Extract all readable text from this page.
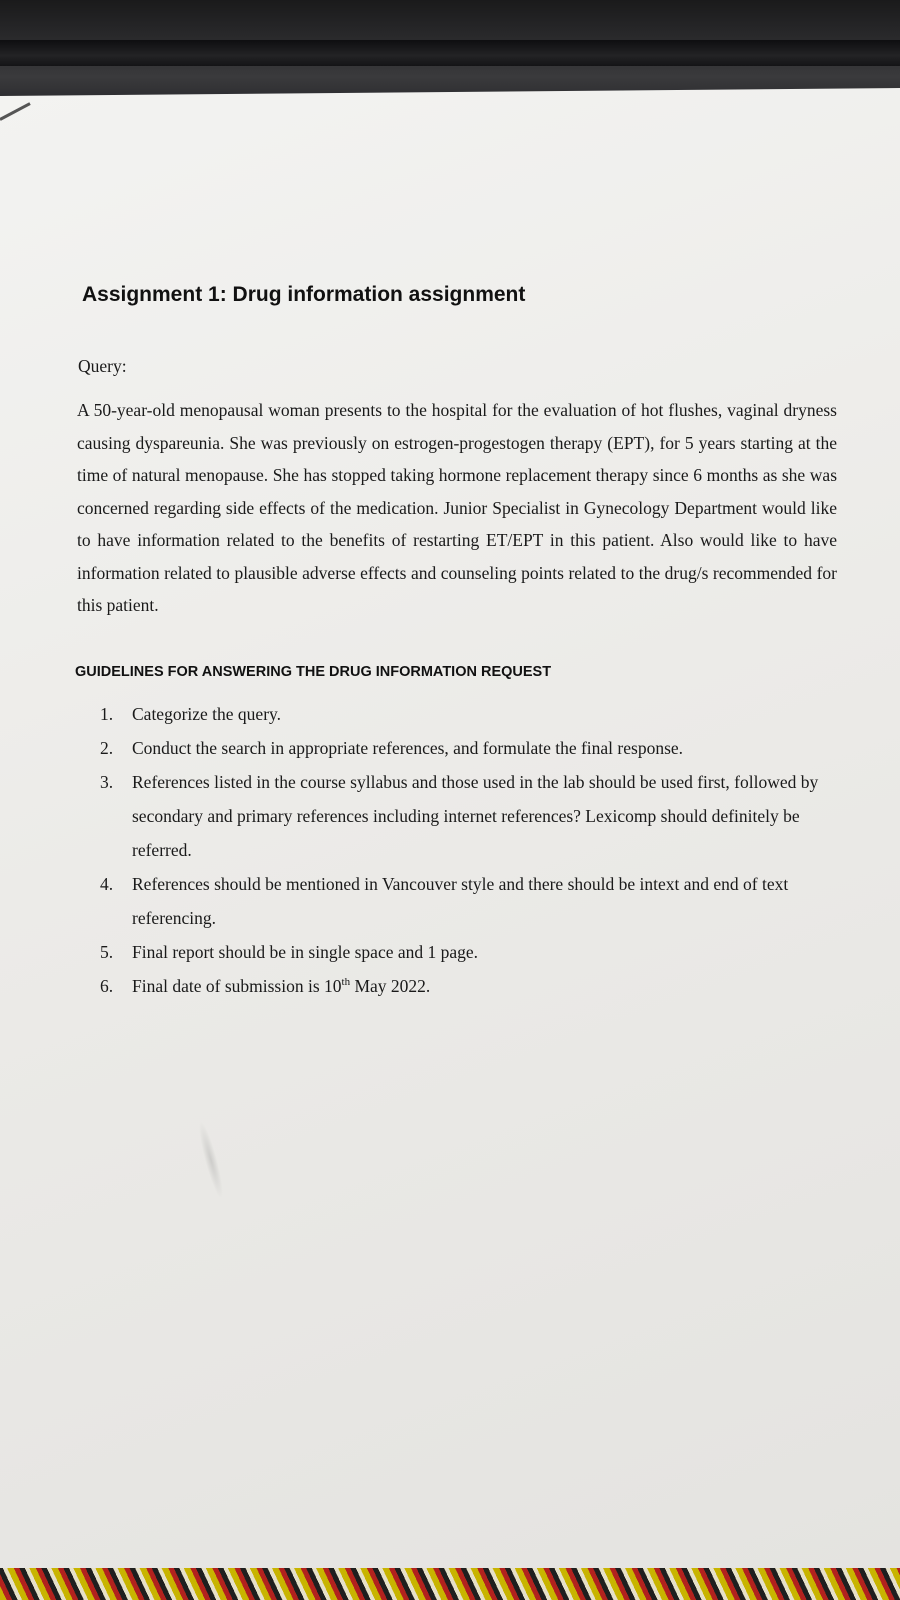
Assignment 1: Drug information assignment
Query:
A 50-year-old menopausal woman presents to the hospital for the evaluation of hot flushes, vaginal dryness causing dyspareunia. She was previously on estrogen-progestogen therapy (EPT), for 5 years starting at the time of natural menopause. She has stopped taking hormone replacement therapy since 6 months as she was concerned regarding side effects of the medication. Junior Specialist in Gynecology Department would like to have information related to the benefits of restarting ET/EPT in this patient. Also would like to have information related to plausible adverse effects and counseling points related to the drug/s recommended for this patient.
GUIDELINES FOR ANSWERING THE DRUG INFORMATION REQUEST
1. Categorize the query.
2. Conduct the search in appropriate references, and formulate the final response.
3. References listed in the course syllabus and those used in the lab should be used first, followed by secondary and primary references including internet references? Lexicomp should definitely be referred.
4. References should be mentioned in Vancouver style and there should be intext and end of text referencing.
5. Final report should be in single space and 1 page.
6. Final date of submission is 10th May 2022.
